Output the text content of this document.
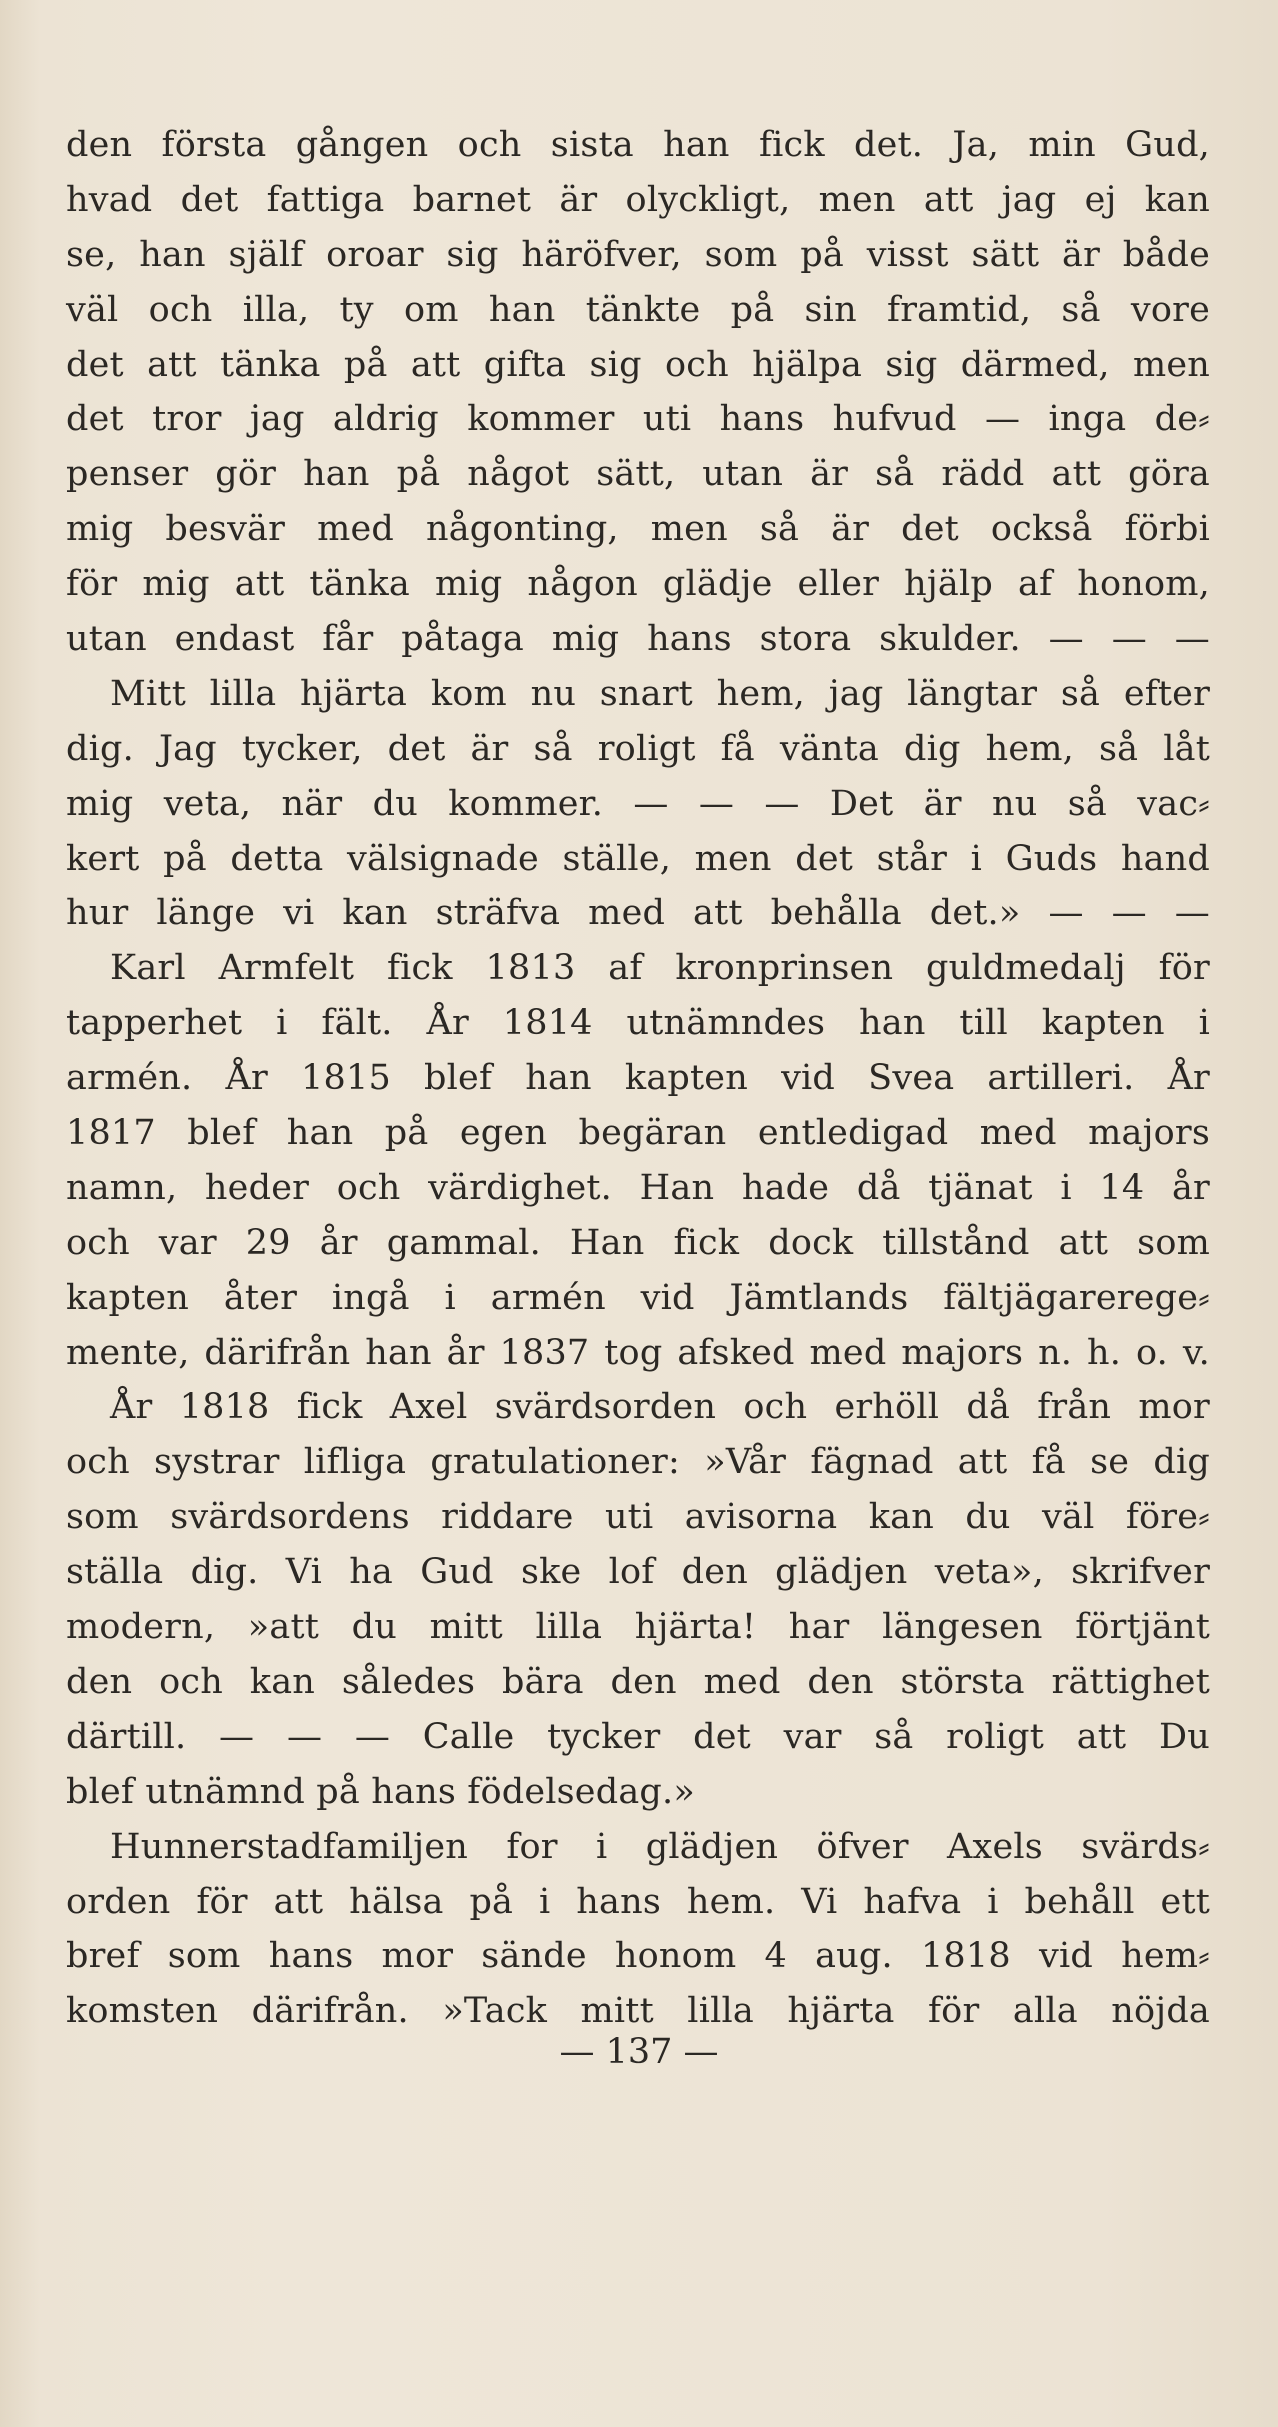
den första gången och sista han fick det. Ja, min Gud,
hvad det fattiga barnet är olyckligt, men att jag ej kan
se, han själf oroar sig häröfver, som på visst sätt är både
väl och illa, ty om han tänkte på sin framtid, så vore
det att tänka på att gifta sig och hjälpa sig därmed, men
det tror jag aldrig kommer uti hans hufvud — inga de⸗
penser gör han på något sätt, utan är så rädd att göra
mig besvär med någonting, men så är det också förbi
för mig att tänka mig någon glädje eller hjälp af honom,
utan endast får påtaga mig hans stora skulder. — — —
Mitt lilla hjärta kom nu snart hem, jag längtar så efter
dig. Jag tycker, det är så roligt få vänta dig hem, så låt
mig veta, när du kommer. — — — Det är nu så vac⸗
kert på detta välsignade ställe, men det står i Guds hand
hur länge vi kan sträfva med att behålla det.» — — —
Karl Armfelt fick 1813 af kronprinsen guldmedalj för
tapperhet i fält. År 1814 utnämndes han till kapten i
armén. År 1815 blef han kapten vid Svea artilleri. År
1817 blef han på egen begäran entledigad med majors
namn, heder och värdighet. Han hade då tjänat i 14 år
och var 29 år gammal. Han fick dock tillstånd att som
kapten åter ingå i armén vid Jämtlands fältjägarerege⸗
mente, därifrån han år 1837 tog afsked med majors n. h. o. v.
År 1818 fick Axel svärdsorden och erhöll då från mor
och systrar lifliga gratulationer: »Vår fägnad att få se dig
som svärdsordens riddare uti avisorna kan du väl före⸗
ställa dig. Vi ha Gud ske lof den glädjen veta», skrifver
modern, »att du mitt lilla hjärta! har längesen förtjänt
den och kan således bära den med den största rättighet
därtill. — — — Calle tycker det var så roligt att Du
blef utnämnd på hans födelsedag.»
Hunnerstadfamiljen for i glädjen öfver Axels svärds⸗
orden för att hälsa på i hans hem. Vi hafva i behåll ett
bref som hans mor sände honom 4 aug. 1818 vid hem⸗
komsten därifrån. »Tack mitt lilla hjärta för alla nöjda
— 137 —
